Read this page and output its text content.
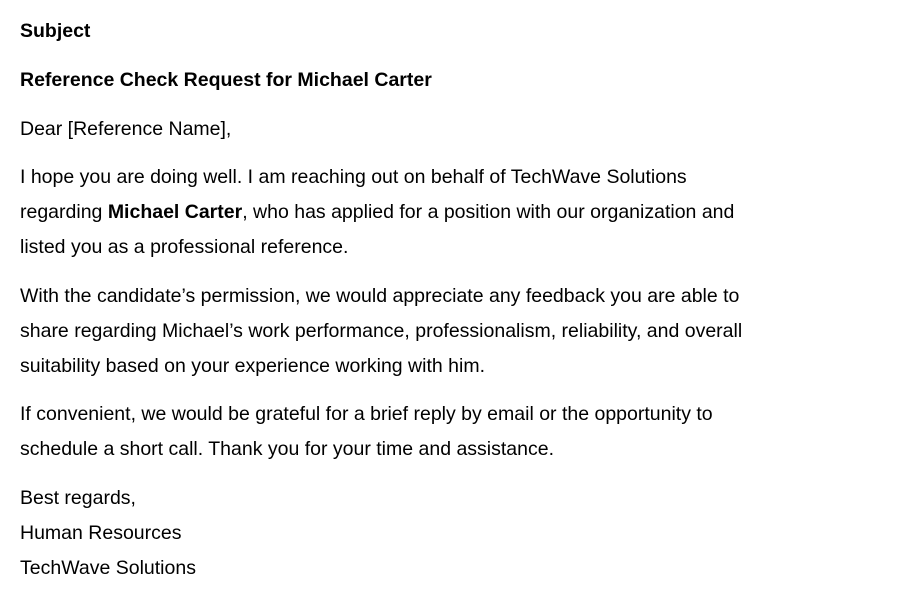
Subject

Reference Check Request for Michael Carter

Dear [Reference Name],

I hope you are doing well. I am reaching out on behalf of TechWave Solutions
regarding Michael Carter, who has applied for a position with our organization and
listed you as a professional reference.
With the candidate’s permission, we would appreciate any feedback you are able to
share regarding Michael’s work performance, professionalism, reliability, and overall
suitability based on your experience working with him.
If convenient, we would be grateful for a brief reply by email or the opportunity to
schedule a short call. Thank you for your time and assistance.
Best regards,
Human Resources
TechWave Solutions
